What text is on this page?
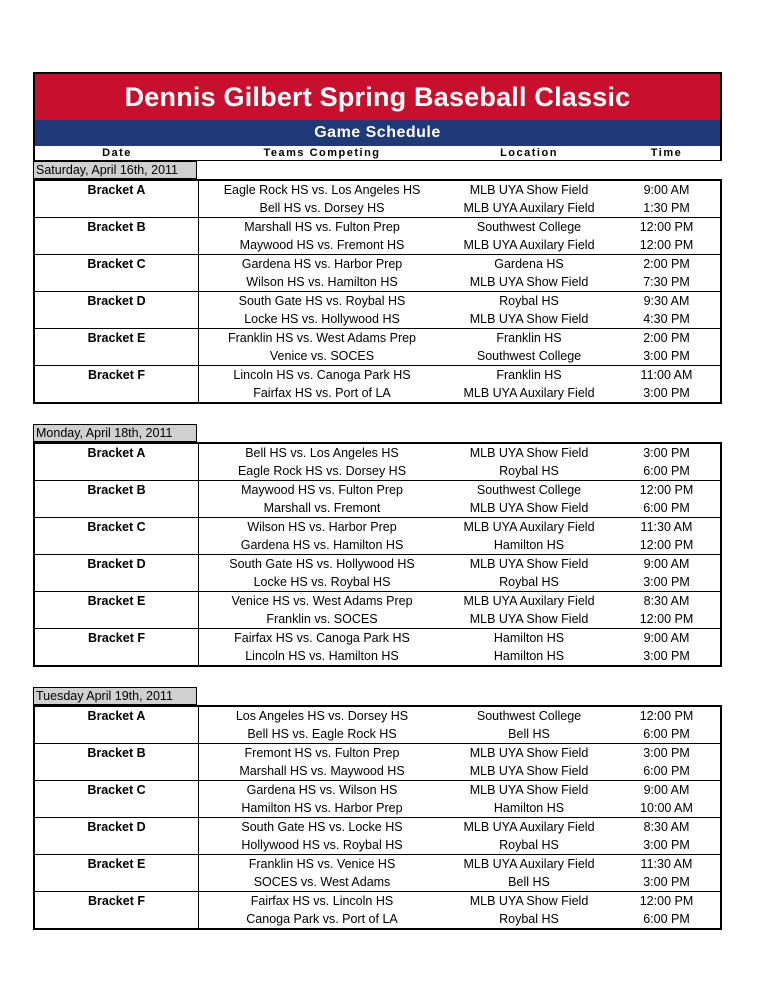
Dennis Gilbert Spring Baseball Classic
Game Schedule
Date	Teams Competing	Location	Time
Saturday, April 16th, 2011
Bracket A	Eagle Rock HS vs. Los Angeles HS	MLB UYA Show Field	9:00 AM
Bell HS vs. Dorsey HS	MLB UYA Auxilary Field	1:30 PM
Bracket B	Marshall HS vs. Fulton Prep	Southwest College	12:00 PM
Maywood HS vs. Fremont HS	MLB UYA Auxilary Field	12:00 PM
Bracket C	Gardena HS vs. Harbor Prep	Gardena HS	2:00 PM
Wilson HS vs. Hamilton HS	MLB UYA Show Field	7:30 PM
Bracket D	South Gate HS vs. Roybal HS	Roybal HS	9:30 AM
Locke HS vs. Hollywood HS	MLB UYA Show Field	4:30 PM
Bracket E	Franklin HS vs. West Adams Prep	Franklin HS	2:00 PM
Venice vs. SOCES	Southwest College	3:00 PM
Bracket F	Lincoln HS vs. Canoga Park HS	Franklin HS	11:00 AM
Fairfax HS vs. Port of LA	MLB UYA Auxilary Field	3:00 PM
Monday, April 18th, 2011
Bracket A	Bell HS vs. Los Angeles HS	MLB UYA Show Field	3:00 PM
Eagle Rock HS vs. Dorsey HS	Roybal HS	6:00 PM
Bracket B	Maywood HS vs. Fulton Prep	Southwest College	12:00 PM
Marshall vs. Fremont	MLB UYA Show Field	6:00 PM
Bracket C	Wilson HS vs. Harbor Prep	MLB UYA Auxilary Field	11:30 AM
Gardena HS vs. Hamilton HS	Hamilton HS	12:00 PM
Bracket D	South Gate HS vs. Hollywood HS	MLB UYA Show Field	9:00 AM
Locke HS vs. Roybal HS	Roybal HS	3:00 PM
Bracket E	Venice HS vs. West Adams Prep	MLB UYA Auxilary Field	8:30 AM
Franklin vs. SOCES	MLB UYA Show Field	12:00 PM
Bracket F	Fairfax HS vs. Canoga Park HS	Hamilton HS	9:00 AM
Lincoln HS vs. Hamilton HS	Hamilton HS	3:00 PM
Tuesday April 19th, 2011
Bracket A	Los Angeles HS vs. Dorsey HS	Southwest College	12:00 PM
Bell HS vs. Eagle Rock HS	Bell HS	6:00 PM
Bracket B	Fremont HS vs. Fulton Prep	MLB UYA Show Field	3:00 PM
Marshall HS vs. Maywood HS	MLB UYA Show Field	6:00 PM
Bracket C	Gardena HS vs. Wilson HS	MLB UYA Show Field	9:00 AM
Hamilton HS vs. Harbor Prep	Hamilton HS	10:00 AM
Bracket D	South Gate HS vs. Locke HS	MLB UYA Auxilary Field	8:30 AM
Hollywood HS vs. Roybal HS	Roybal HS	3:00 PM
Bracket E	Franklin HS vs. Venice HS	MLB UYA Auxilary Field	11:30 AM
SOCES vs. West Adams	Bell HS	3:00 PM
Bracket F	Fairfax HS vs. Lincoln HS	MLB UYA Show Field	12:00 PM
Canoga Park vs. Port of LA	Roybal HS	6:00 PM
